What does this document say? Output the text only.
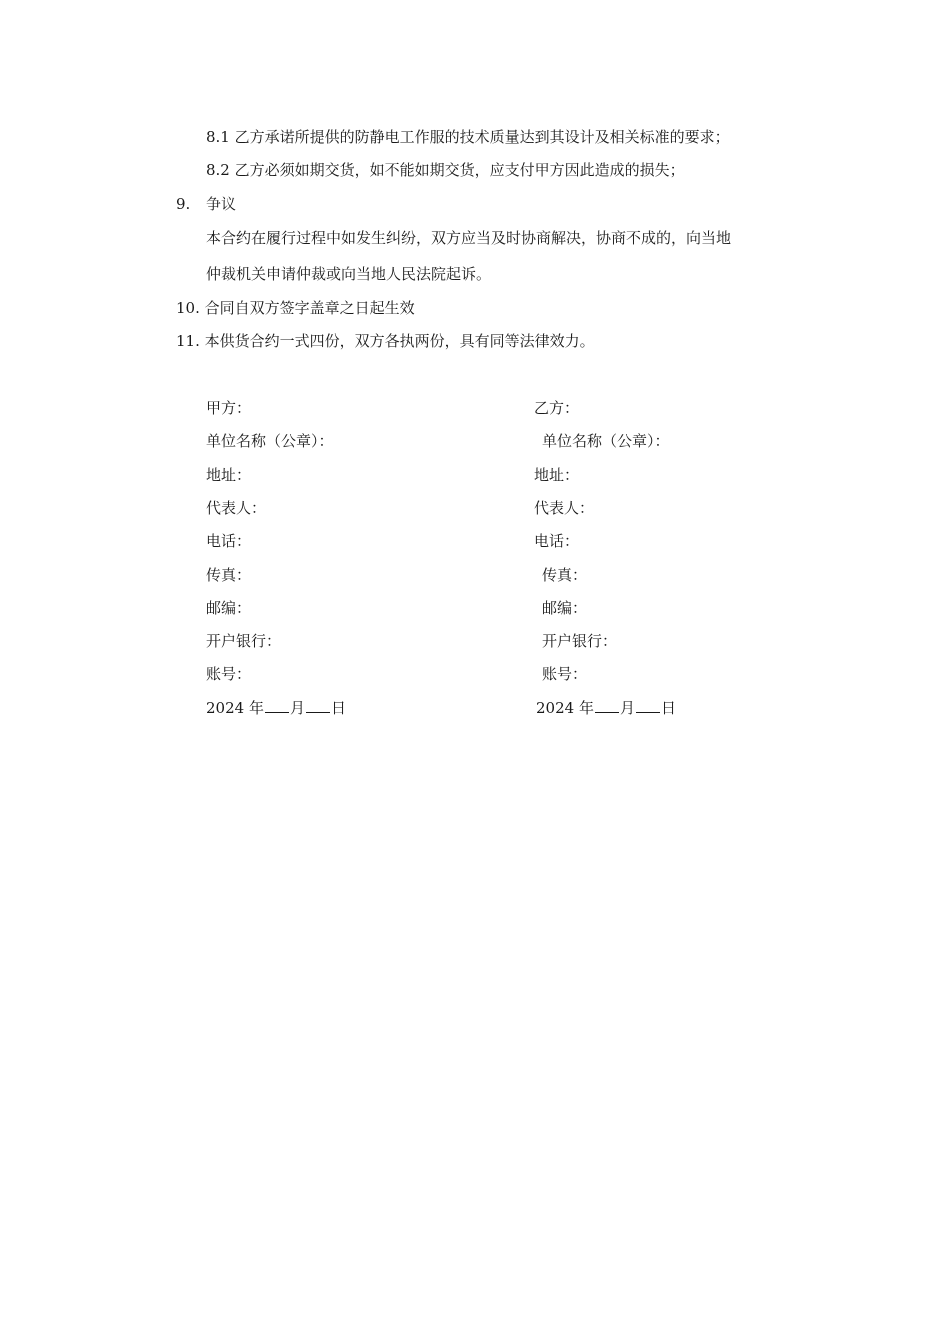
8.1 乙方承诺所提供的防静电工作服的技术质量达到其设计及相关标准的要求；
8.2 乙方必须如期交货，如不能如期交货，应支付甲方因此造成的损失；
9. 争议
本合约在履行过程中如发生纠纷，双方应当及时协商解决，协商不成的，向当地
仲裁机关申请仲裁或向当地人民法院起诉。
10. 合同自双方签字盖章之日起生效
11. 本供货合约一式四份，双方各执两份，具有同等法律效力。
甲方：
单位名称（公章）：
地址：
代表人：
电话：
传真：
邮编：
开户银行：
账号：
2024 年 月 日
乙方：
单位名称（公章）：
地址：
代表人：
电话：
传真：
邮编：
开户银行：
账号：
2024 年 月 日
